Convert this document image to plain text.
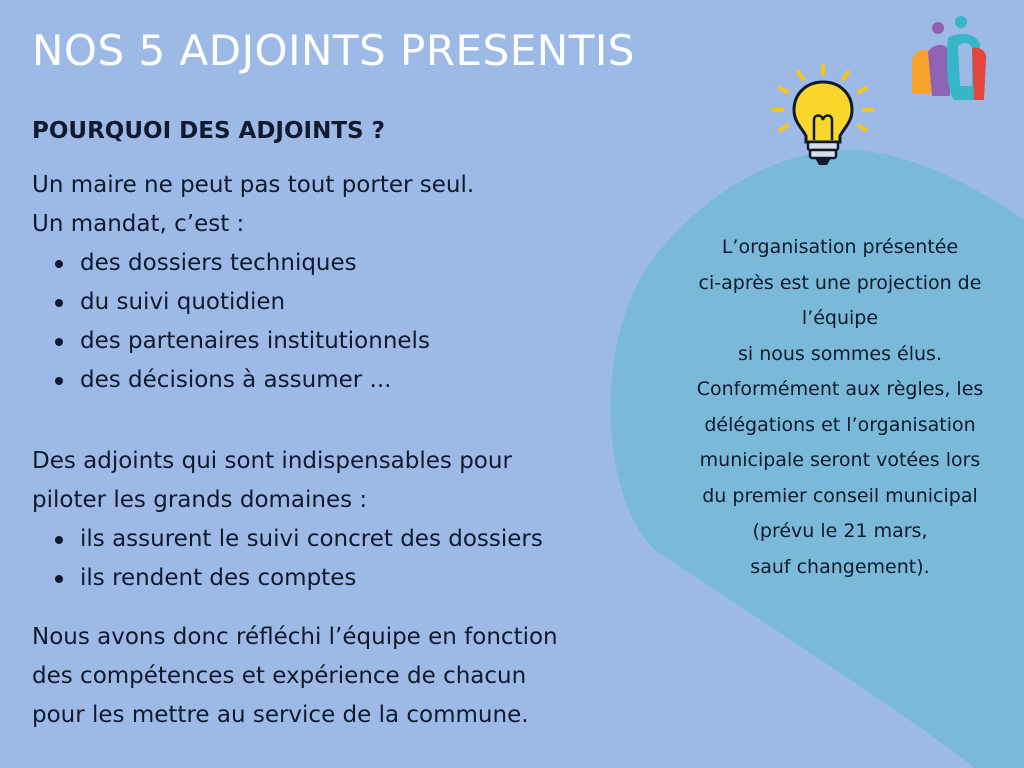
NOS 5 ADJOINTS PRESENTIS
POURQUOI DES ADJOINTS ?
Un maire ne peut pas tout porter seul.
Un mandat, c’est :
des dossiers techniques
du suivi quotidien
des partenaires institutionnels
des décisions à assumer ...
Des adjoints qui sont indispensables pour
piloter les grands domaines :
ils assurent le suivi concret des dossiers
ils rendent des comptes
Nous avons donc réfléchi l’équipe en fonction
des compétences et expérience de chacun
pour les mettre au service de la commune.
L’organisation présentée
ci-après est une projection de
l’équipe
si nous sommes élus.
Conformément aux règles, les
délégations et l’organisation
municipale seront votées lors
du premier conseil municipal
(prévu le 21 mars,
sauf changement).
